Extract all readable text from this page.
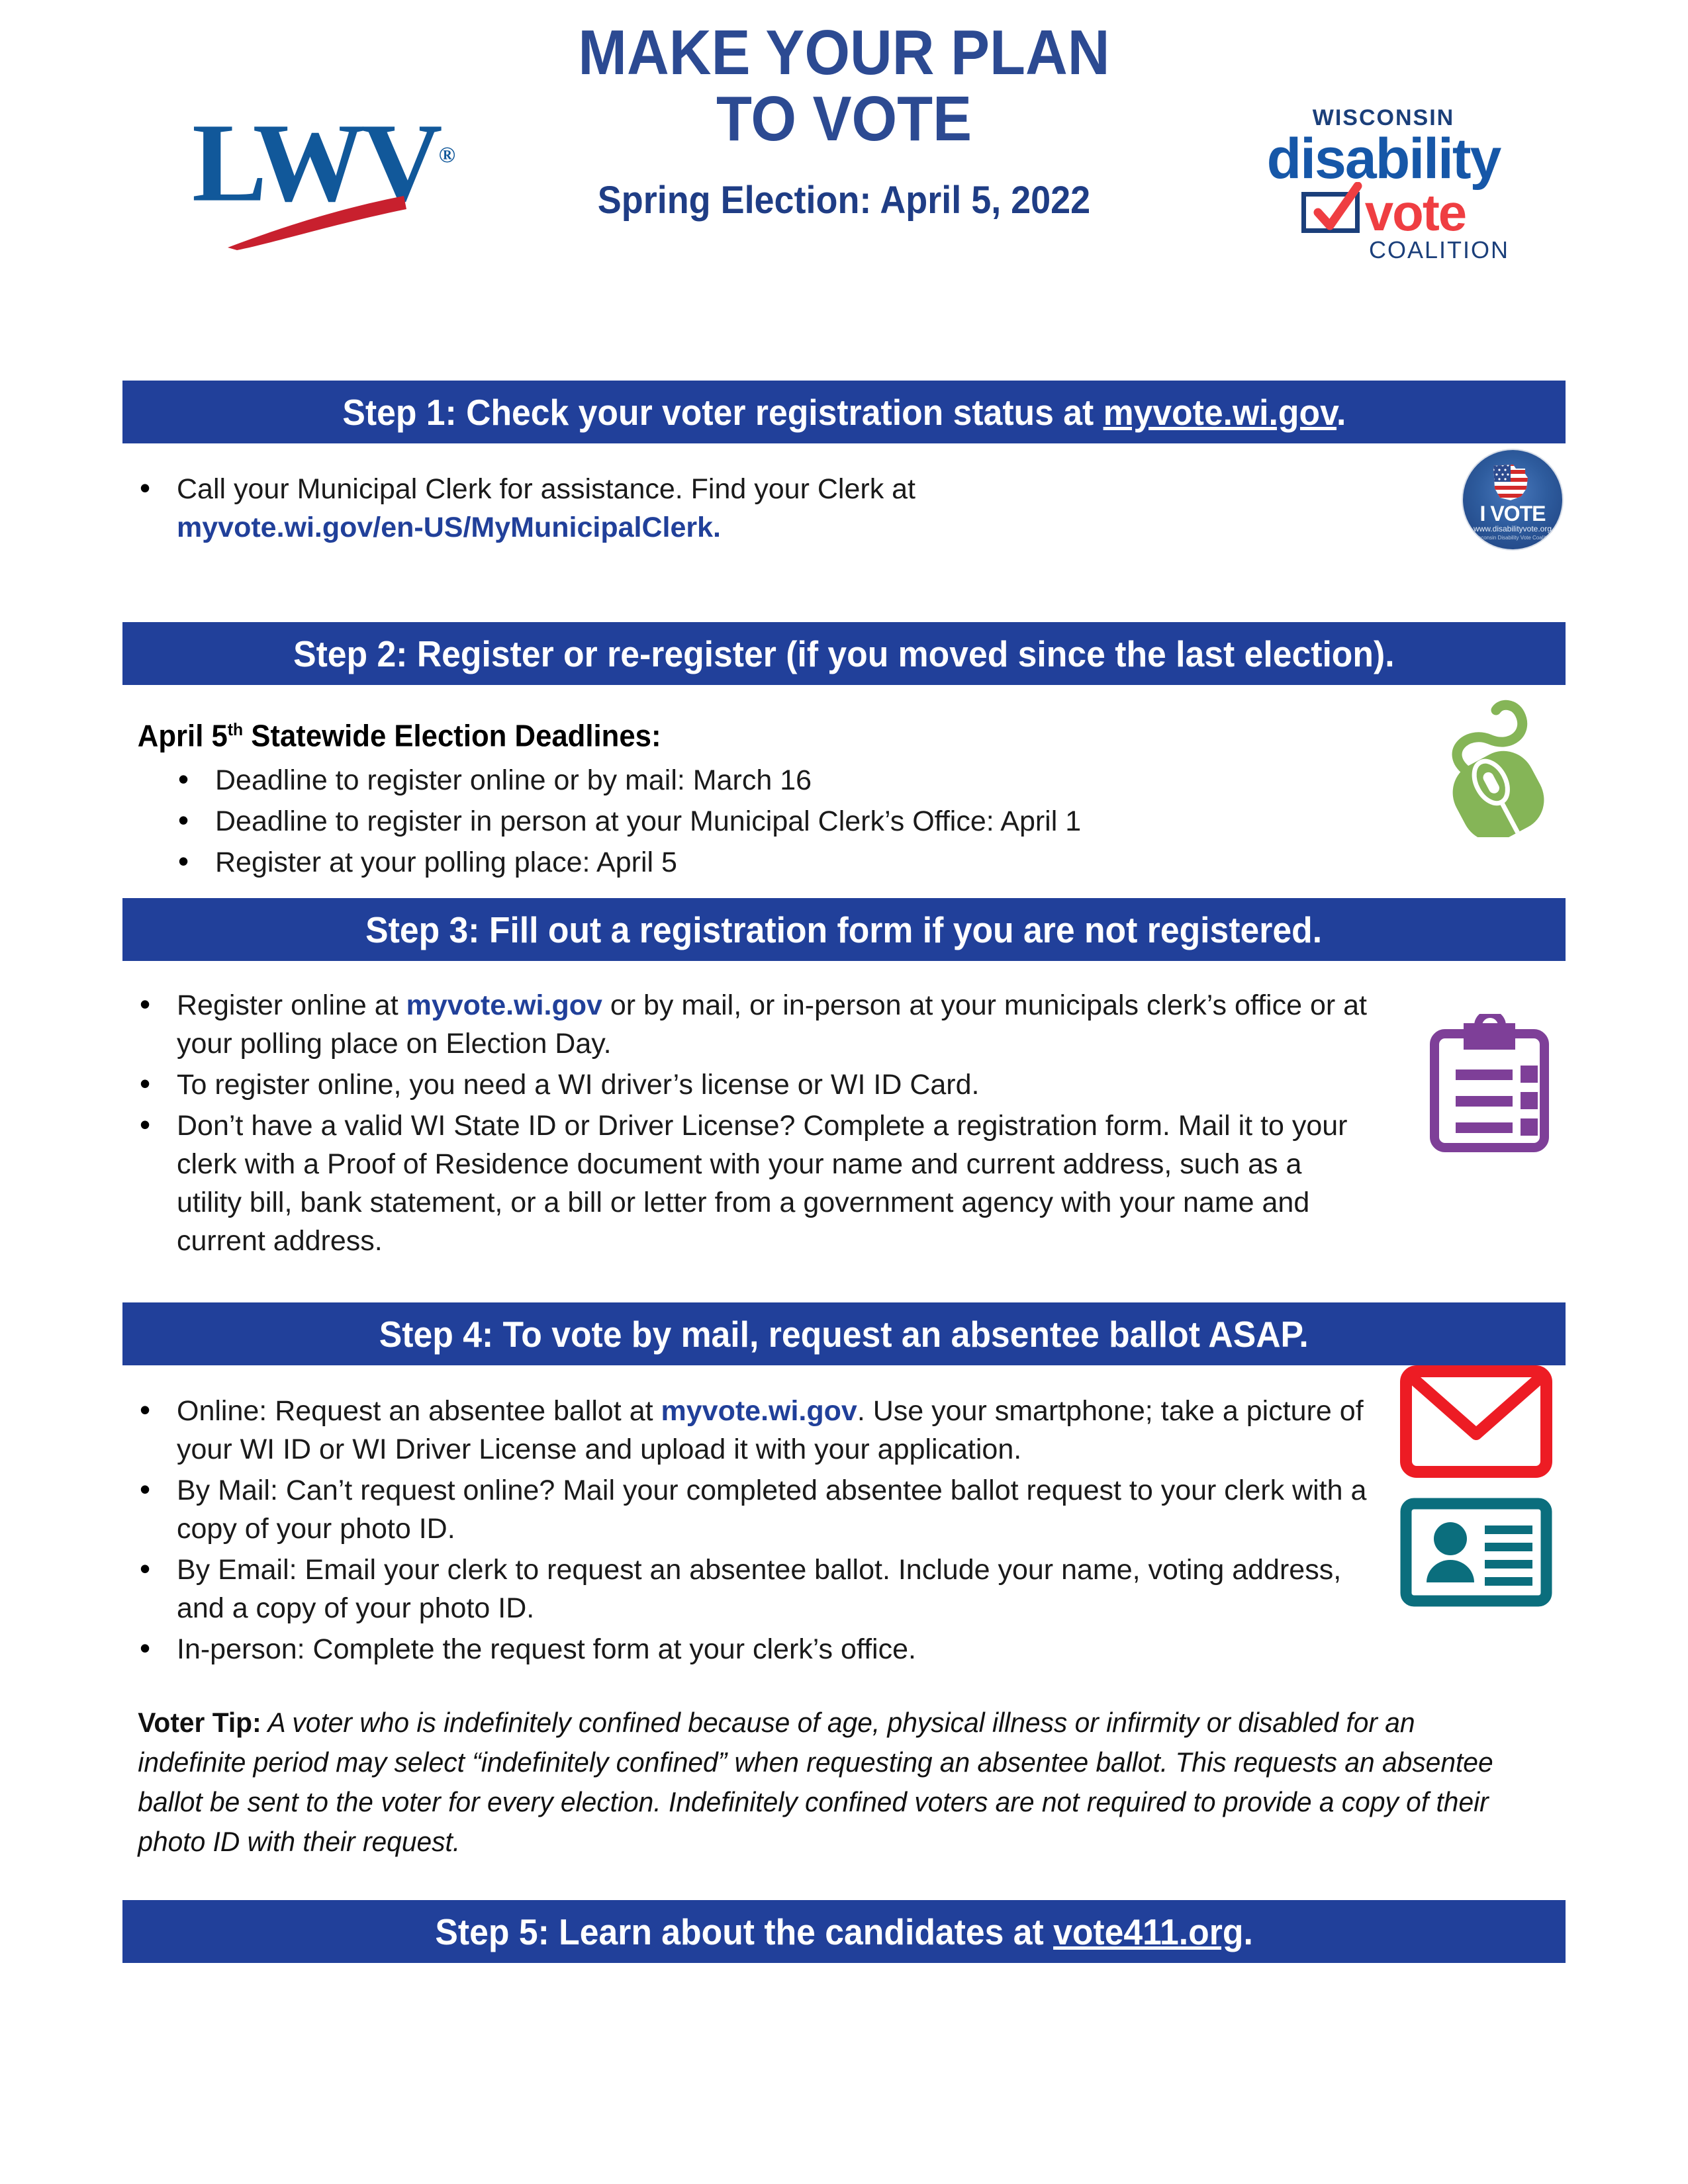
LWV®
MAKE YOUR PLAN
TO VOTE
Spring Election: April 5, 2022
WISCONSIN
disability
vote
COALITION
Step 1: Check your voter registration status at myvote.wi.gov.
• Call your Municipal Clerk for assistance. Find your Clerk at
myvote.wi.gov/en-US/MyMunicipalClerk.	I VOTE
www.disabilityvote.org
Wisconsin Disability Vote Coalition
Step 2: Register or re-register (if you moved since the last election).
April 5th Statewide Election Deadlines:
• Deadline to register online or by mail: March 16
• Deadline to register in person at your Municipal Clerk’s Office: April 1
• Register at your polling place: April 5
Step 3: Fill out a registration form if you are not registered.
• Register online at myvote.wi.gov or by mail, or in-person at your municipals clerk’s office or at your polling place on Election Day.
• To register online, you need a WI driver’s license or WI ID Card.
• Don’t have a valid WI State ID or Driver License? Complete a registration form. Mail it to your clerk with a Proof of Residence document with your name and current address, such as a utility bill, bank statement, or a bill or letter from a government agency with your name and current address.
Step 4: To vote by mail, request an absentee ballot ASAP.
• Online: Request an absentee ballot at myvote.wi.gov. Use your smartphone; take a picture of your WI ID or WI Driver License and upload it with your application.
• By Mail: Can’t request online? Mail your completed absentee ballot request to your clerk with a copy of your photo ID.
• By Email: Email your clerk to request an absentee ballot. Include your name, voting address, and a copy of your photo ID.
• In-person: Complete the request form at your clerk’s office.
Voter Tip: A voter who is indefinitely confined because of age, physical illness or infirmity or disabled for an indefinite period may select “indefinitely confined” when requesting an absentee ballot. This requests an absentee ballot be sent to the voter for every election. Indefinitely confined voters are not required to provide a copy of their photo ID with their request.
Step 5: Learn about the candidates at vote411.org.
